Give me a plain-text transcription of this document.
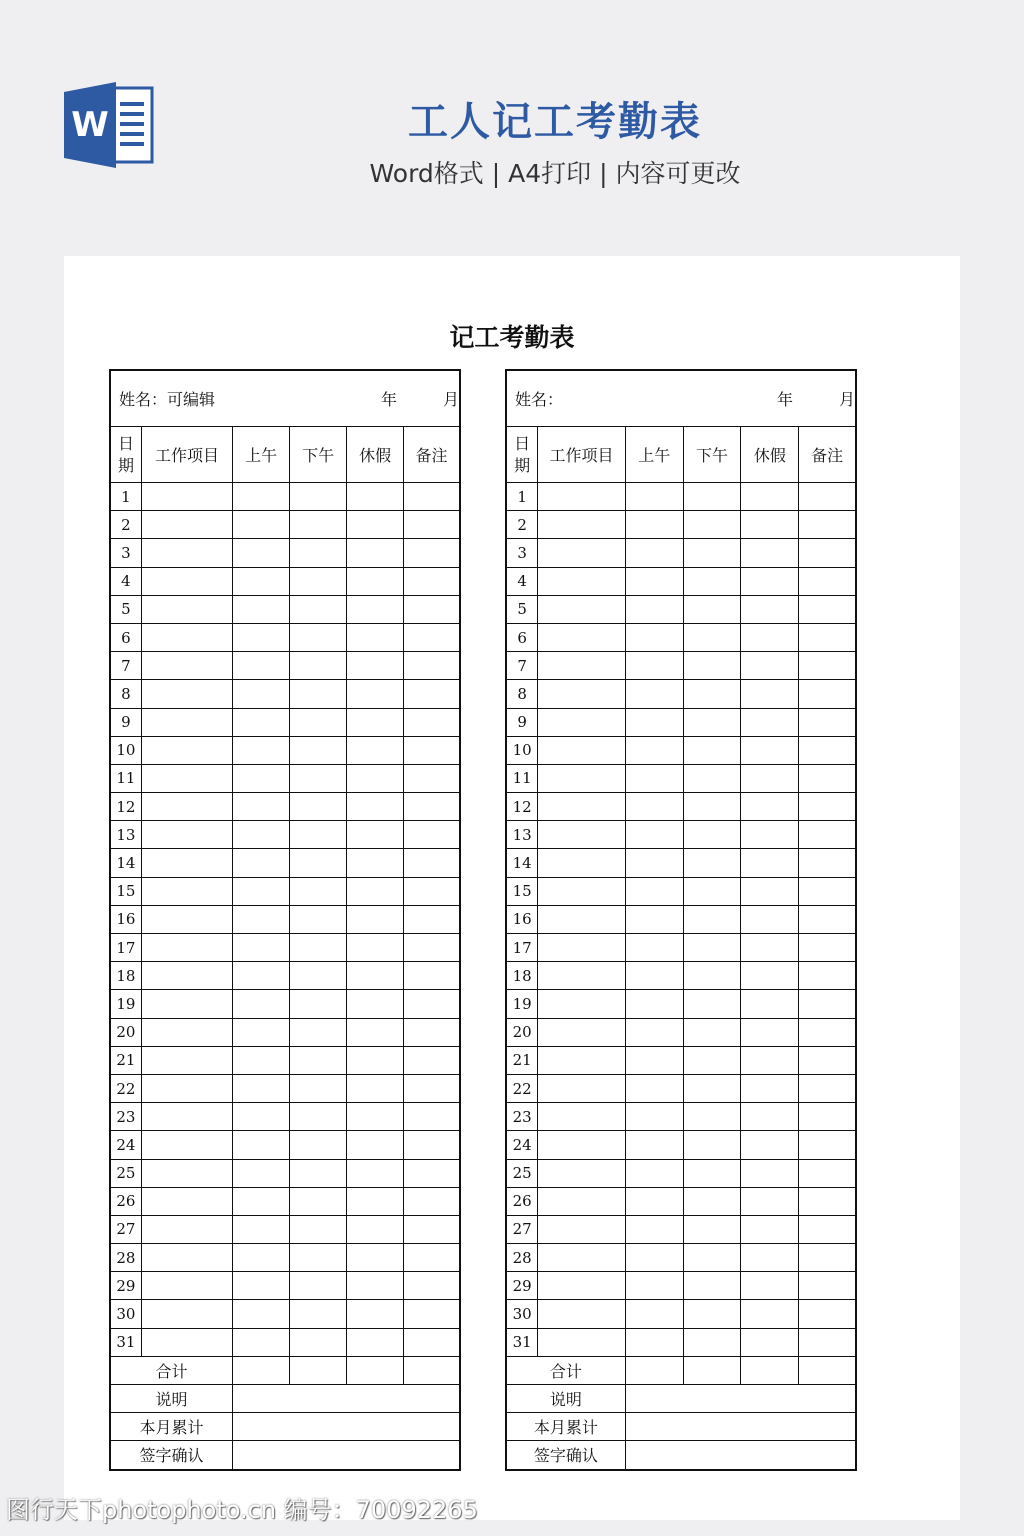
W	工人记工考勤表
Word格式 | A4打印 | 内容可更改
记工考勤表
姓名：可编辑 年 月					
日
期	工作项目	上午	下午	休假	备注
1					
2					
3					
4					
5					
6					
7					
8					
9					
10					
11					
12					
13					
14					
15					
16					
17					
18					
19					
20					
21					
22					
23					
24					
25					
26					
27					
28					
29					
30					
31					
合计					
说明					
本月累计					
签字确认					
姓名： 年 月					
日
期	工作项目	上午	下午	休假	备注
1					
2					
3					
4					
5					
6					
7					
8					
9					
10					
11					
12					
13					
14					
15					
16					
17					
18					
19					
20					
21					
22					
23					
24					
25					
26					
27					
28					
29					
30					
31					
合计					
说明					
本月累计					
签字确认					
图行天下photophoto.cn 编号：70092265
